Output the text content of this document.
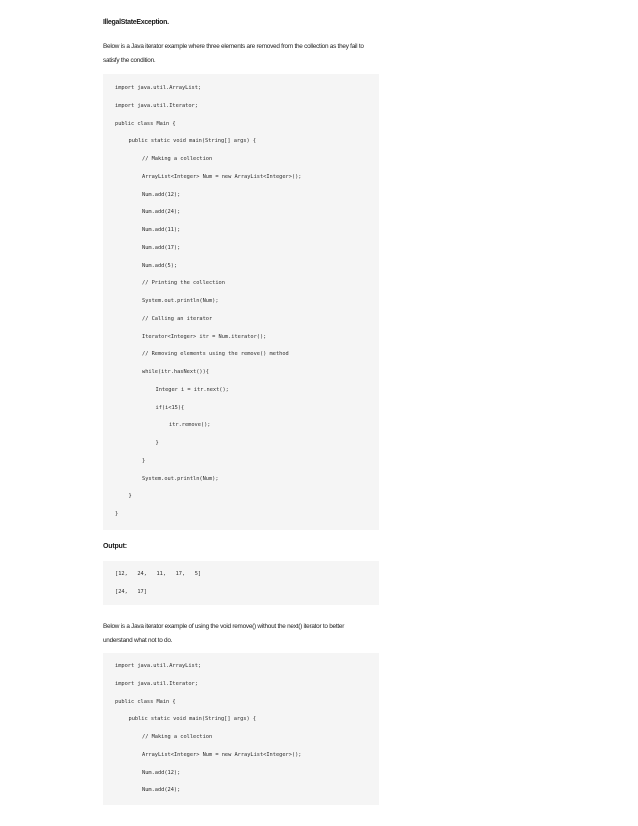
IllegalStateException.
Below is a Java iterator example where three elements are removed from the collection as they fail to
satisfy the condition.
import java.util.ArrayList;
import java.util.Iterator;
public class Main {
public static void main(String[] args) {
// Making a collection
ArrayList<Integer> Num = new ArrayList<Integer>();
Num.add(12);
Num.add(24);
Num.add(11);
Num.add(17);
Num.add(5);
// Printing the collection
System.out.println(Num);
// Calling an iterator
Iterator<Integer> itr = Num.iterator();
// Removing elements using the remove() method
while(itr.hasNext()){
Integer i = itr.next();
if(i<15){
itr.remove();
}
}
System.out.println(Num);
}
}
Output:
[12,   24,   11,   17,   5]
[24,   17]
Below is a Java iterator example of using the void remove() without the next() iterator to better
understand what not to do.
import java.util.ArrayList;
import java.util.Iterator;
public class Main {
public static void main(String[] args) {
// Making a collection
ArrayList<Integer> Num = new ArrayList<Integer>();
Num.add(12);
Num.add(24);
